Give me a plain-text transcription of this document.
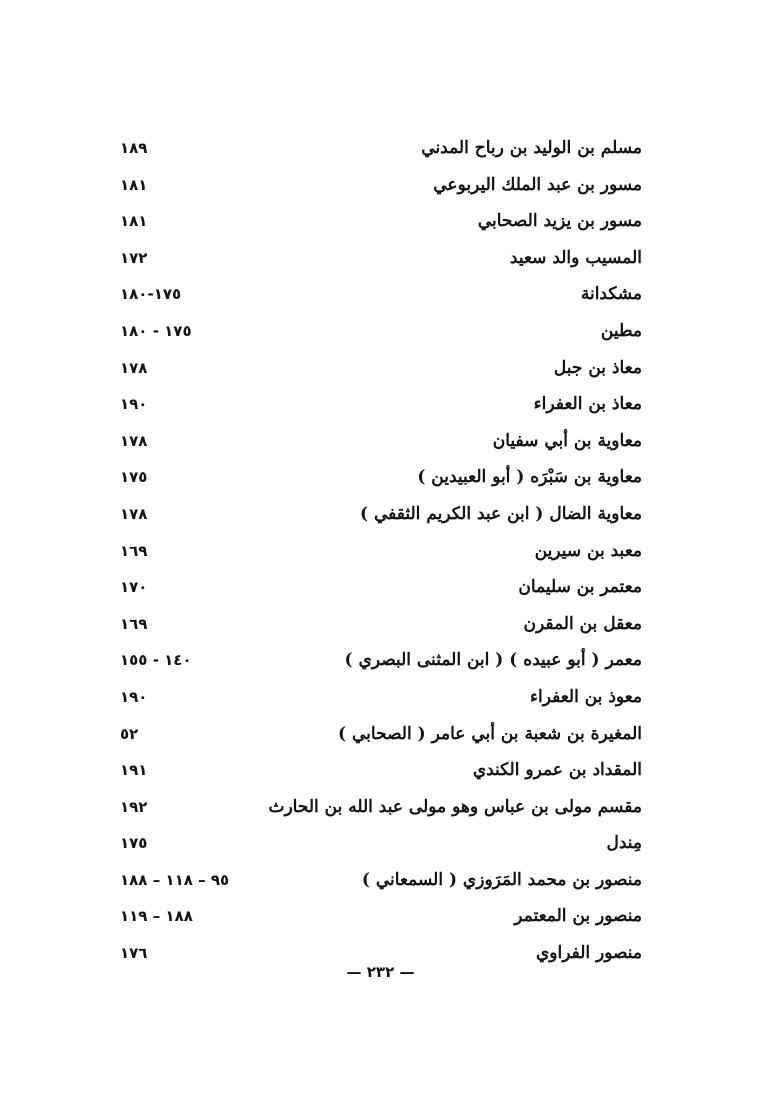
مسلم بن الوليد بن رباح المدني
١٨٩
مسور بن عبد الملك اليربوعي
١٨١
مسور بن يزيد الصحابي
١٨١
المسيب والد سعيد
١٧٢
مشكدانة
١٧٥-١٨٠
مطين
١٧٥ - ١٨٠
معاذ بن جبل
١٧٨
معاذ بن العفراء
١٩٠
معاوية بن أبي سفيان
١٧٨
معاوية بن سَبْرَه ( أبو العبيدين )
١٧٥
معاوية الضال ( ابن عبد الكريم الثقفي )
١٧٨
معبد بن سيرين
١٦٩
معتمر بن سليمان
١٧٠
معقل بن المقرن
١٦٩
معمر ( أبو عبيده ) ( ابن المثنى البصري )
١٤٠ - ١٥٥
معوذ بن العفراء
١٩٠
المغيرة بن شعبة بن أبي عامر ( الصحابي )
٥٢
المقداد بن عمرو الكندي
١٩١
مقسم مولى بن عباس وهو مولى عبد الله بن الحارث
١٩٢
مِندل
١٧٥
منصور بن محمد المَرَوزي ( السمعاني )
٩٥ – ١١٨ – ١٨٨
منصور بن المعتمر
١٨٨ – ١١٩
منصور الفراوي
١٧٦
— ٢٣٢ —
